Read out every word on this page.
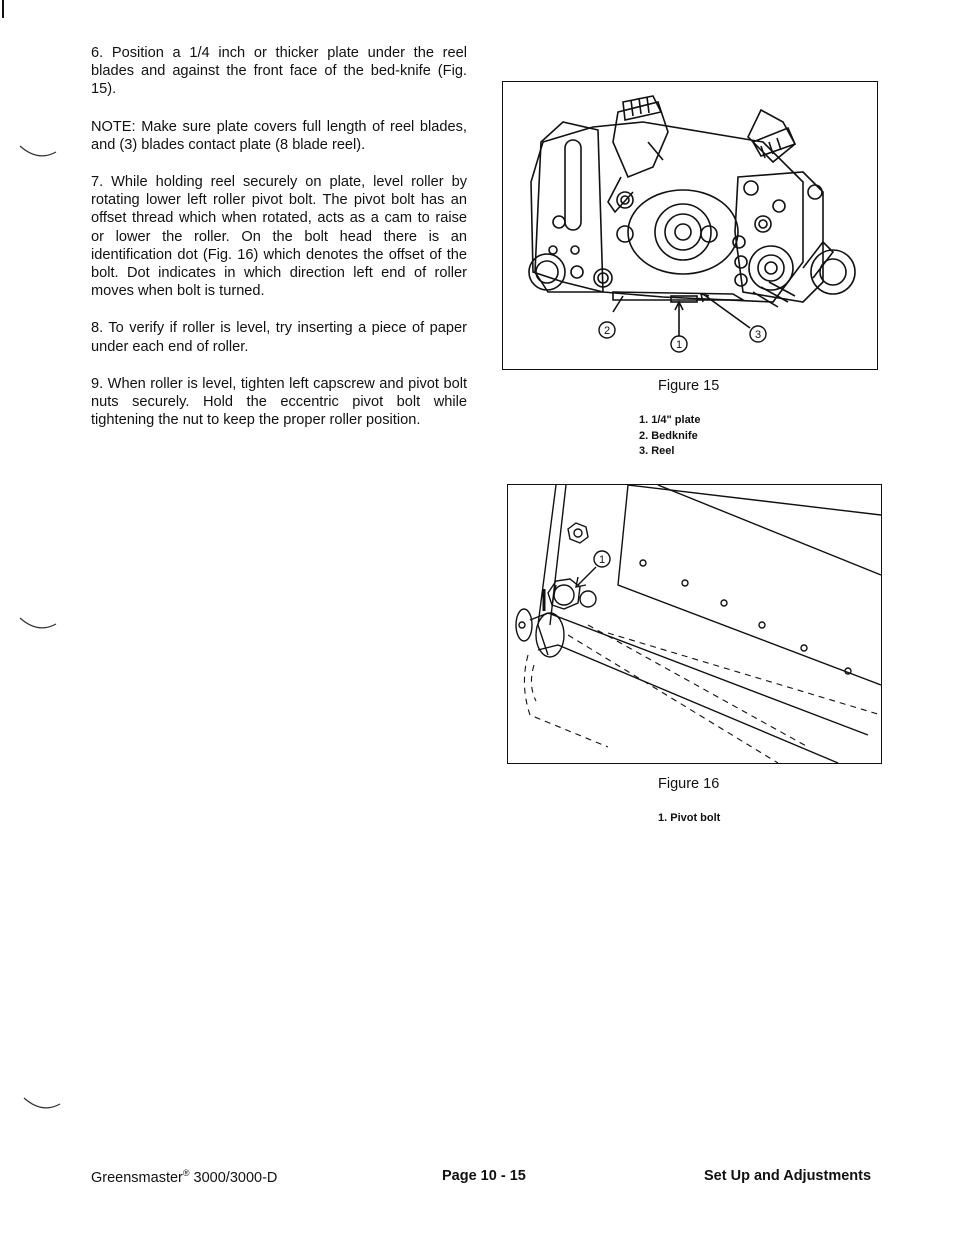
6. Position a 1/4 inch or thicker plate under the reel blades and against the front face of the bed-knife (Fig. 15).

NOTE: Make sure plate covers full length of reel blades, and (3) blades contact plate (8 blade reel).

7. While holding reel securely on plate, level roller by rotating lower left roller pivot bolt. The pivot bolt has an offset thread which when rotated, acts as a cam to raise or lower the roller. On the bolt head there is an identification dot (Fig. 16) which denotes the offset of the bolt. Dot indicates in which direction left end of roller moves when bolt is turned.

8. To verify if roller is level, try inserting a piece of paper under each end of roller.

9. When roller is level, tighten left capscrew and pivot bolt nuts securely. Hold the eccentric pivot bolt while tightening the nut to keep the proper roller position.

2
1
3
Figure 15
1. 1/4" plate
2. Bedknife
3. Reel
1
Figure 16
1. Pivot bolt
Greensmaster® 3000/3000-D	Page 10 - 15	Set Up and Adjustments
